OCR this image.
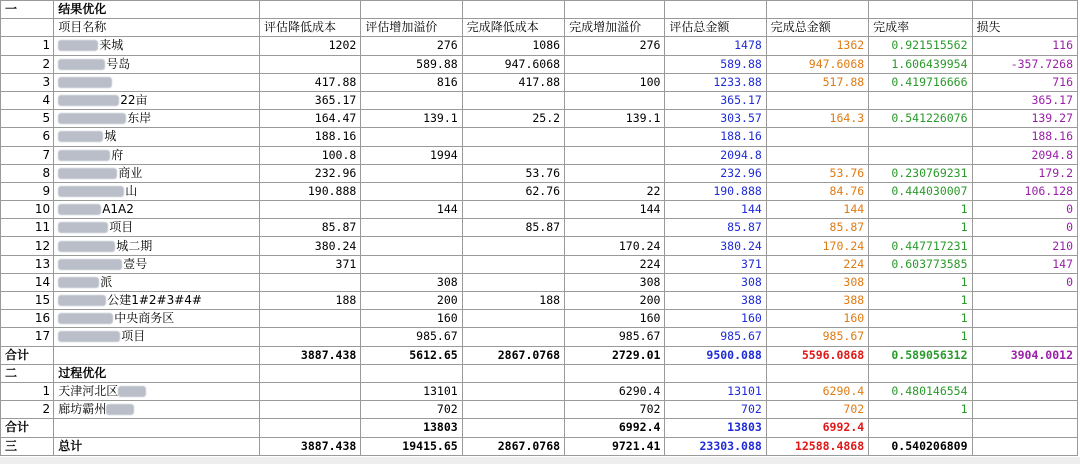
一	结果优化								
	项目名称	评估降低成本	评估增加溢价	完成降低成本	完成增加溢价	评估总金额	完成总金额	完成率	损失
1	来城	1202	276	1086	276	1478	1362	0.921515562	116
2	号岛		589.88	947.6068		589.88	947.6068	1.606439954	-357.7268
3		417.88	816	417.88	100	1233.88	517.88	0.419716666	716
4	22亩	365.17				365.17			365.17
5	东岸	164.47	139.1	25.2	139.1	303.57	164.3	0.541226076	139.27
6	城	188.16				188.16			188.16
7	府	100.8	1994			2094.8			2094.8
8	商业	232.96		53.76		232.96	53.76	0.230769231	179.2
9	山	190.888		62.76	22	190.888	84.76	0.444030007	106.128
10	A1A2		144		144	144	144	1	0
11	项目	85.87		85.87		85.87	85.87	1	0
12	城二期	380.24			170.24	380.24	170.24	0.447717231	210
13	壹号	371			224	371	224	0.603773585	147
14	派		308		308	308	308	1	0
15	公建1#2#3#4#	188	200	188	200	388	388	1	
16	中央商务区		160		160	160	160	1	
17	项目		985.67		985.67	985.67	985.67	1	
合计		3887.438	5612.65	2867.0768	2729.01	9500.088	5596.0868	0.589056312	3904.0012
二	过程优化								
1	天津河北区		13101		6290.4	13101	6290.4	0.480146554	
2	廊坊霸州		702		702	702	702	1	
合计			13803		6992.4	13803	6992.4		
三	总计	3887.438	19415.65	2867.0768	9721.41	23303.088	12588.4868	0.540206809	
